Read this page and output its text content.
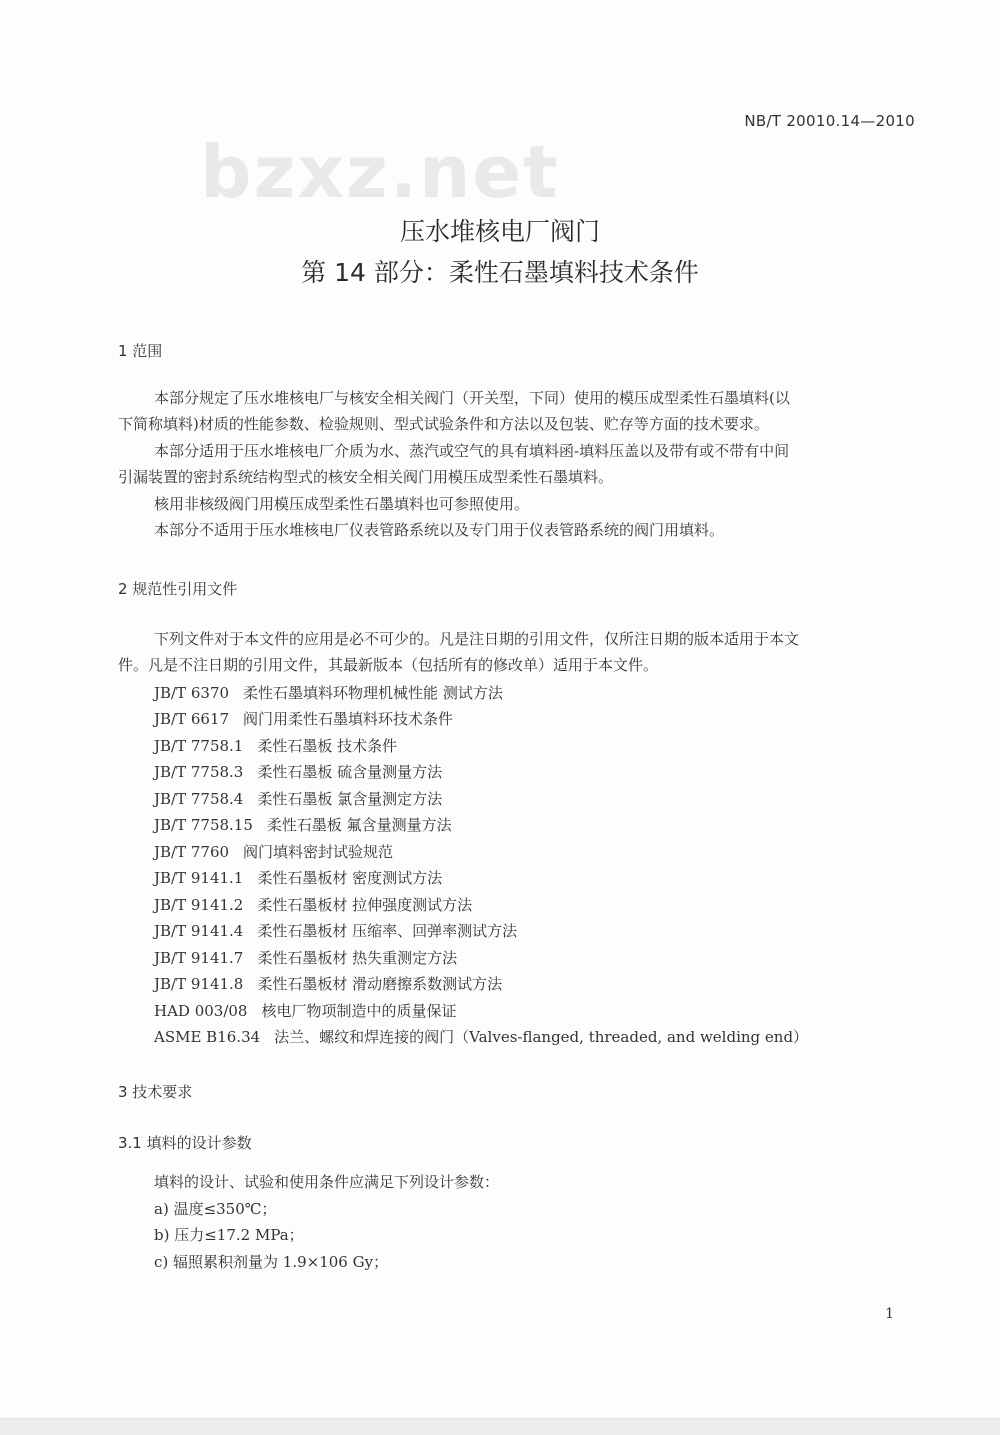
NB/T 20010.14—2010
bzxz.net
压水堆核电厂阀门
第 14 部分：柔性石墨填料技术条件
1 范围
本部分规定了压水堆核电厂与核安全相关阀门（开关型，下同）使用的模压成型柔性石墨填料(以
下简称填料)材质的性能参数、检验规则、型式试验条件和方法以及包装、贮存等方面的技术要求。
本部分适用于压水堆核电厂介质为水、蒸汽或空气的具有填料函-填料压盖以及带有或不带有中间
引漏装置的密封系统结构型式的核安全相关阀门用模压成型柔性石墨填料。
核用非核级阀门用模压成型柔性石墨填料也可参照使用。
本部分不适用于压水堆核电厂仪表管路系统以及专门用于仪表管路系统的阀门用填料。
2 规范性引用文件
下列文件对于本文件的应用是必不可少的。凡是注日期的引用文件，仅所注日期的版本适用于本文
件。凡是不注日期的引用文件，其最新版本（包括所有的修改单）适用于本文件。
JB/T 6370 柔性石墨填料环物理机械性能 测试方法
JB/T 6617 阀门用柔性石墨填料环技术条件
JB/T 7758.1 柔性石墨板 技术条件
JB/T 7758.3 柔性石墨板 硫含量测量方法
JB/T 7758.4 柔性石墨板 氯含量测定方法
JB/T 7758.15 柔性石墨板 氟含量测量方法
JB/T 7760 阀门填料密封试验规范
JB/T 9141.1 柔性石墨板材 密度测试方法
JB/T 9141.2 柔性石墨板材 拉伸强度测试方法
JB/T 9141.4 柔性石墨板材 压缩率、回弹率测试方法
JB/T 9141.7 柔性石墨板材 热失重测定方法
JB/T 9141.8 柔性石墨板材 滑动磨擦系数测试方法
HAD 003/08 核电厂物项制造中的质量保证
ASME B16.34 法兰、螺纹和焊连接的阀门（Valves-flanged, threaded, and welding end）
3 技术要求
3.1 填料的设计参数
填料的设计、试验和使用条件应满足下列设计参数：
a) 温度≤350℃；
b) 压力≤17.2 MPa；
c) 辐照累积剂量为 1.9×106 Gy；
1
